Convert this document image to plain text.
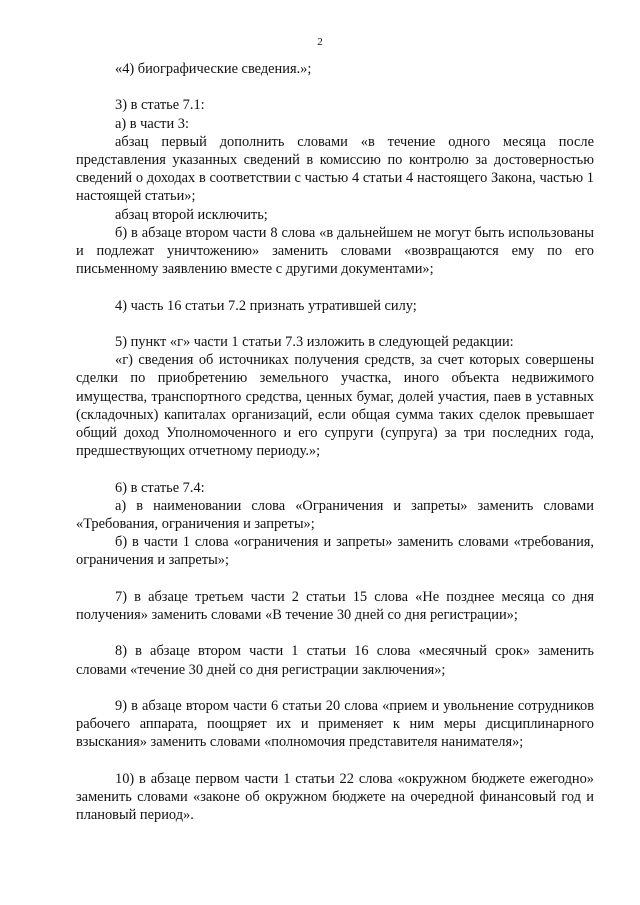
2

«4) биографические сведения.»;

3) в статье 7.1:

а) в части 3:

абзац первый дополнить словами «в течение одного месяца после представления указанных сведений в комиссию по контролю за достоверностью сведений о доходах в соответствии с частью 4 статьи 4 настоящего Закона, частью 1 настоящей статьи»;

абзац второй исключить;

б) в абзаце втором части 8 слова «в дальнейшем не могут быть использованы и подлежат уничтожению» заменить словами «возвращаются ему по его письменному заявлению вместе с другими документами»;

4) часть 16 статьи 7.2 признать утратившей силу;

5) пункт «г» части 1 статьи 7.3 изложить в следующей редакции:

«г) сведения об источниках получения средств, за счет которых совершены сделки по приобретению земельного участка, иного объекта недвижимого имущества, транспортного средства, ценных бумаг, долей участия, паев в уставных (складочных) капиталах организаций, если общая сумма таких сделок превышает общий доход Уполномоченного и его супруги (супруга) за три последних года, предшествующих отчетному периоду.»;

6) в статье 7.4:

а) в наименовании слова «Ограничения и запреты» заменить словами «Требования, ограничения и запреты»;

б) в части 1 слова «ограничения и запреты» заменить словами «требования, ограничения и запреты»;

7) в абзаце третьем части 2 статьи 15 слова «Не позднее месяца со дня получения» заменить словами «В течение 30 дней со дня регистрации»;

8) в абзаце втором части 1 статьи 16 слова «месячный срок» заменить словами «течение 30 дней со дня регистрации заключения»;

9) в абзаце втором части 6 статьи 20 слова «прием и увольнение сотрудников рабочего аппарата, поощряет их и применяет к ним меры дисциплинарного взыскания» заменить словами «полномочия представителя нанимателя»;

10) в абзаце первом части 1 статьи 22 слова «окружном бюджете ежегодно» заменить словами «законе об окружном бюджете на очередной финансовый год и плановый период».
